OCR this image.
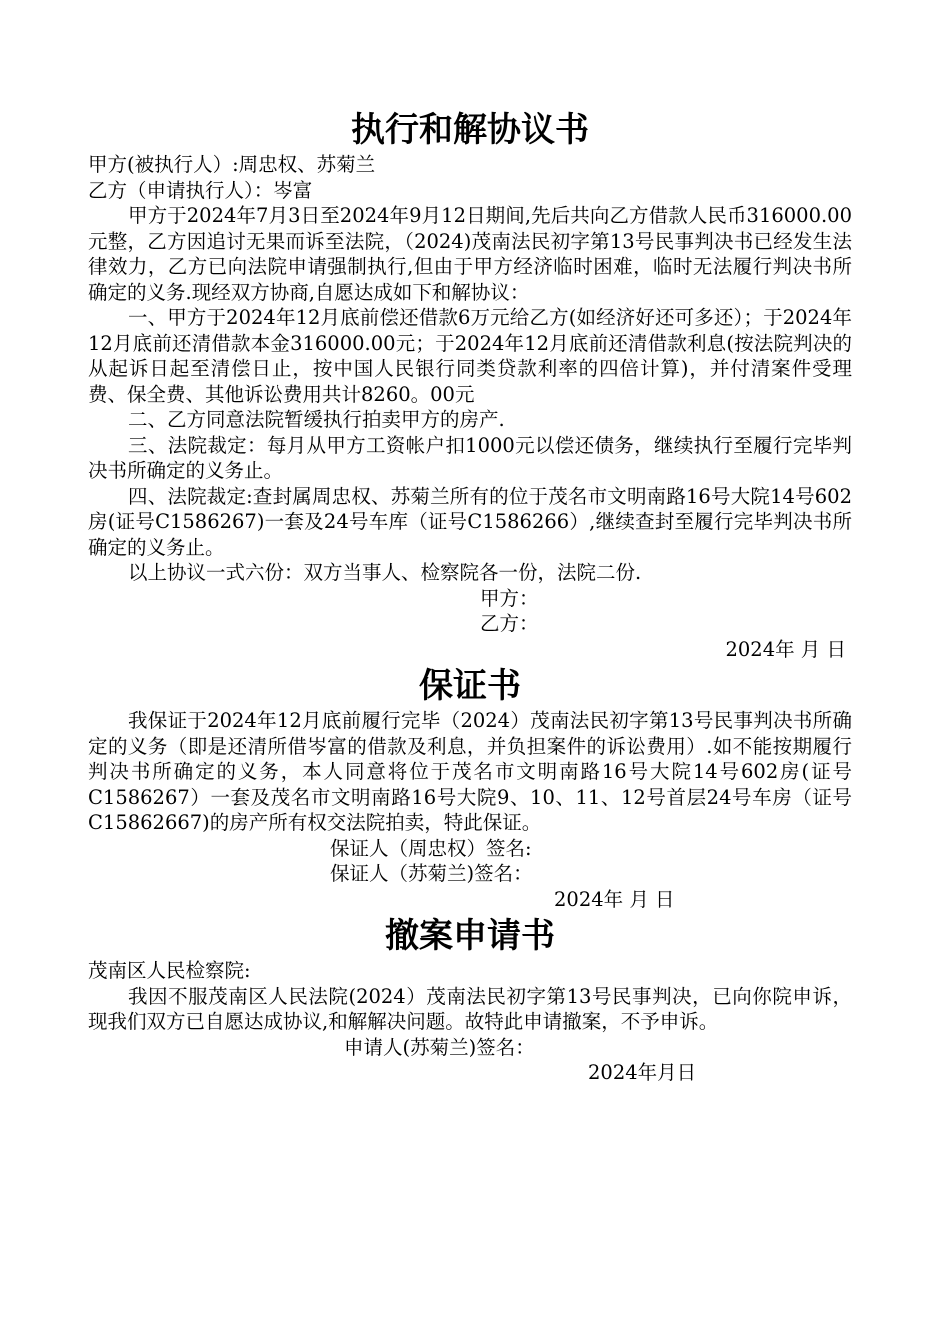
执行和解协议书

甲方(被执行人）:周忠权、苏菊兰

乙方（申请执行人）：岑富

甲方于2024年7月3日至2024年9月12日期间,先后共向乙方借款人民币316000.00元整，乙方因追讨无果而诉至法院，（2024)茂南法民初字第13号民事判决书已经发生法律效力，乙方已向法院申请强制执行,但由于甲方经济临时困难，临时无法履行判决书所确定的义务.现经双方协商,自愿达成如下和解协议：

一、甲方于2024年12月底前偿还借款6万元给乙方(如经济好还可多还）；于2024年12月底前还清借款本金316000.00元；于2024年12月底前还清借款利息(按法院判决的从起诉日起至清偿日止，按中国人民银行同类贷款利率的四倍计算)，并付清案件受理费、保全费、其他诉讼费用共计8260。00元

二、乙方同意法院暂缓执行拍卖甲方的房产.

三、法院裁定：每月从甲方工资帐户扣1000元以偿还债务，继续执行至履行完毕判决书所确定的义务止。

四、法院裁定:查封属周忠权、苏菊兰所有的位于茂名市文明南路16号大院14号602房(证号C1586267)一套及24号车库（证号C1586266）,继续查封至履行完毕判决书所确定的义务止。

以上协议一式六份：双方当事人、检察院各一份，法院二份.

甲方：

乙方：

2024年 月 日

保证书

我保证于2024年12月底前履行完毕（2024）茂南法民初字第13号民事判决书所确定的义务（即是还清所借岑富的借款及利息，并负担案件的诉讼费用）.如不能按期履行判决书所确定的义务，本人同意将位于茂名市文明南路16号大院14号602房(证号C1586267）一套及茂名市文明南路16号大院9、10、11、12号首层24号车房（证号C15862667)的房产所有权交法院拍卖，特此保证。

保证人（周忠权）签名:

保证人（苏菊兰)签名：

2024年 月 日

撤案申请书

茂南区人民检察院:

我因不服茂南区人民法院(2024）茂南法民初字第13号民事判决，已向你院申诉，现我们双方已自愿达成协议,和解解决问题。故特此申请撤案，不予申诉。

申请人(苏菊兰)签名：

2024年月日
